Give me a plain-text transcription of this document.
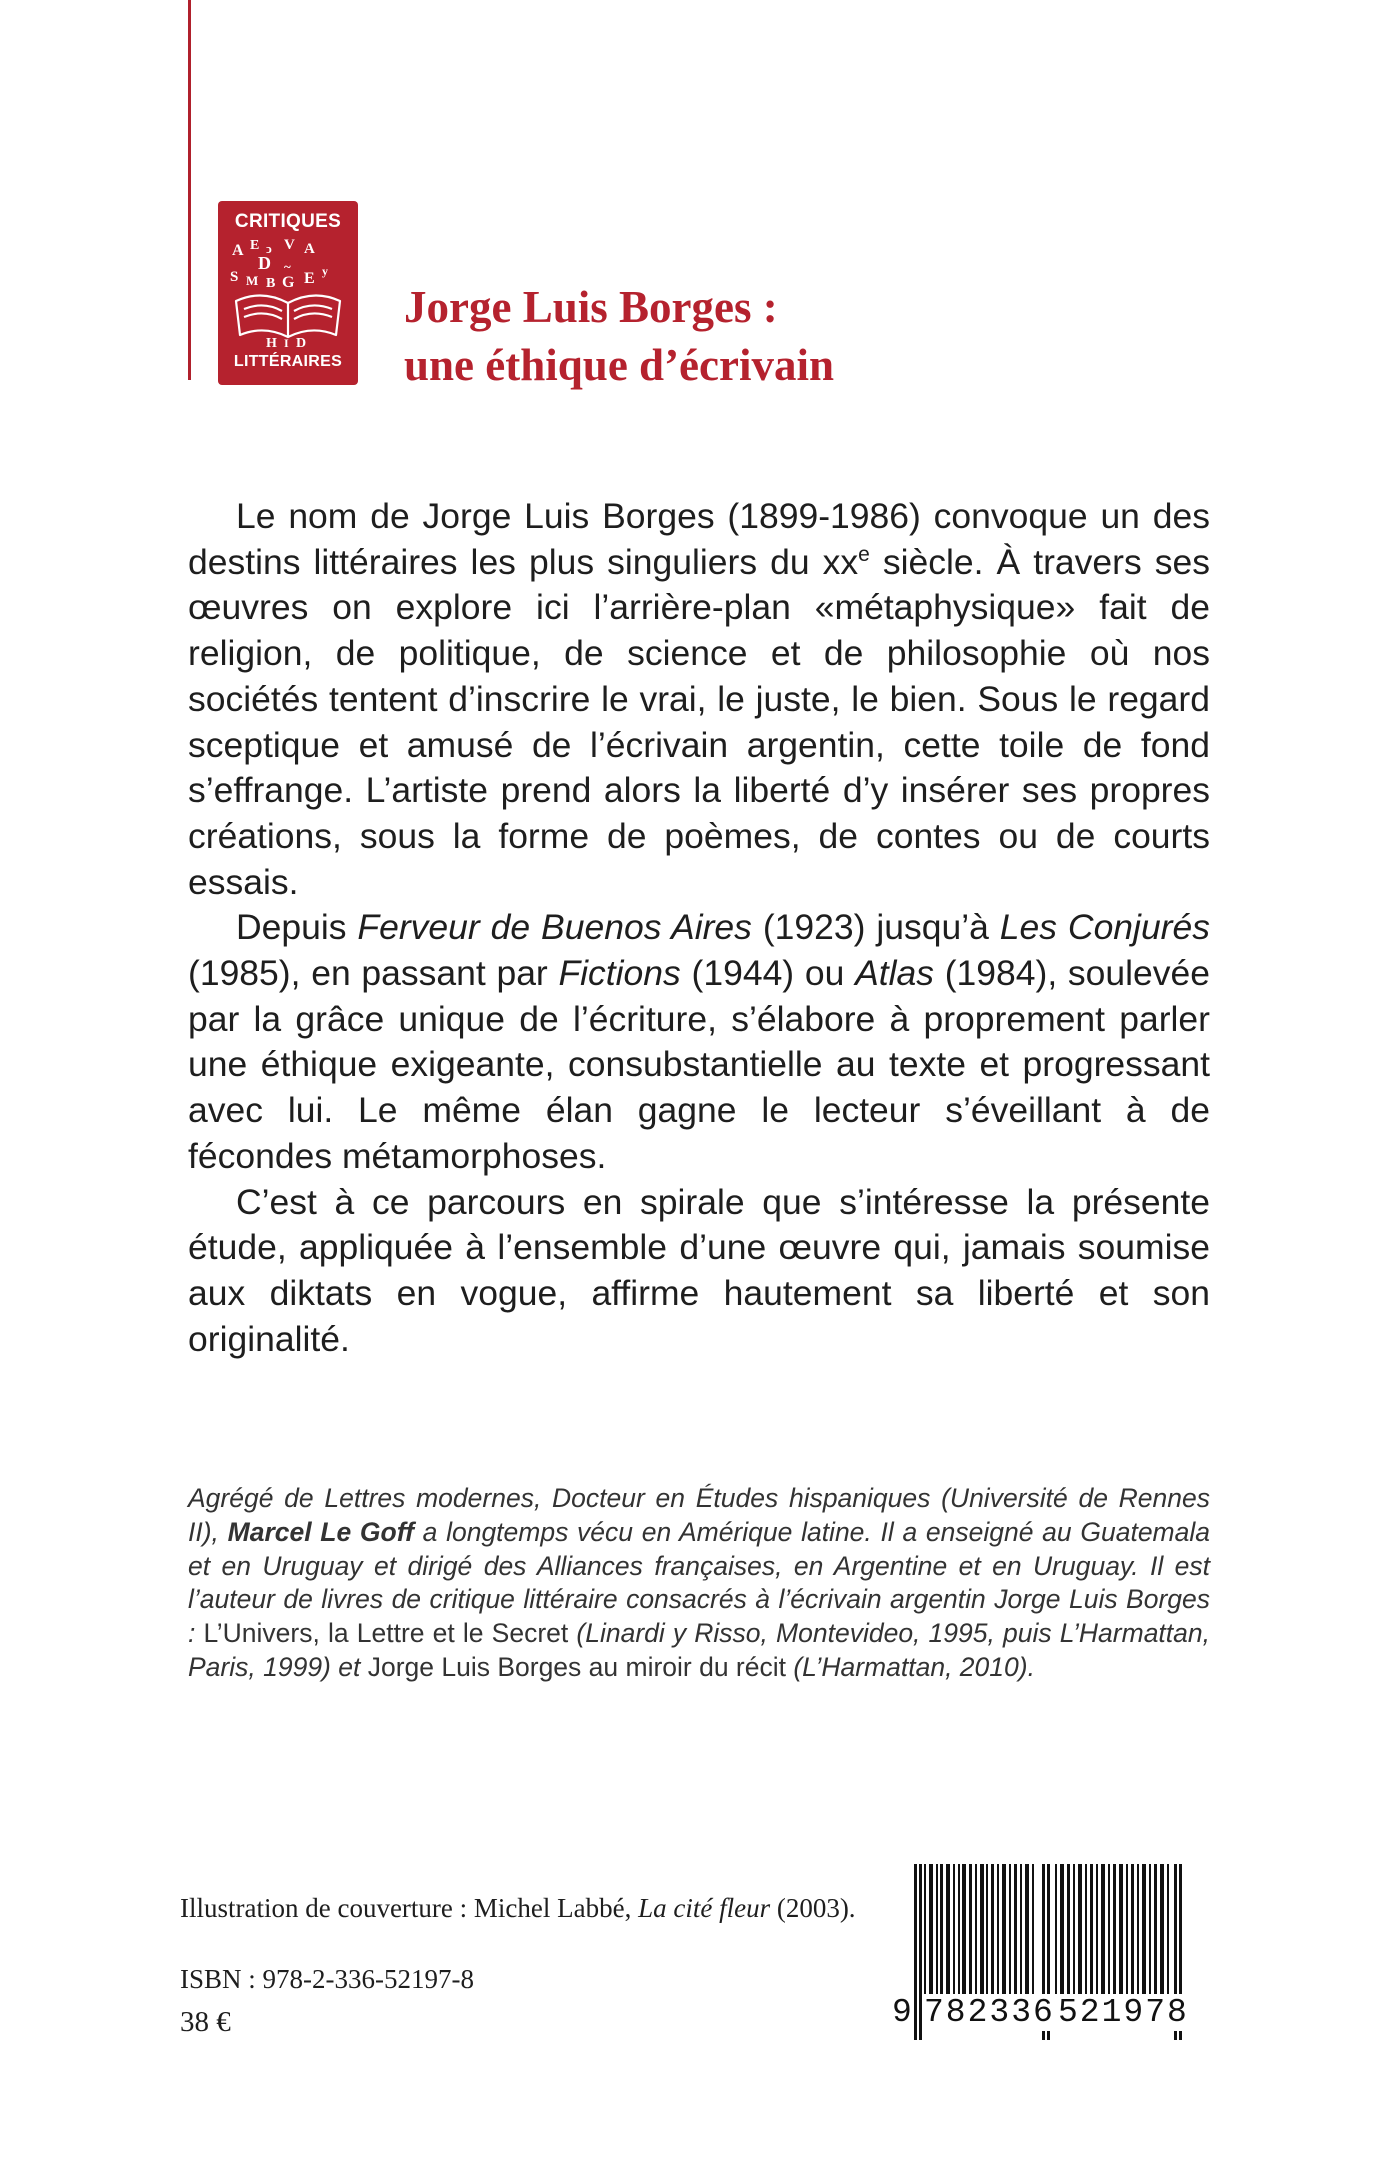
CRITIQUES
A E ↄ V A
D ~
S M B G E y
H I D
LITTÉRAIRES
Jorge Luis Borges :
une éthique d’écrivain

Le nom de Jorge Luis Borges (1899-1986) convoque un des destins littéraires les plus singuliers du $xx^e$ siècle. À travers ses œuvres on explore ici l’arrière-plan «métaphysique» fait de religion, de politique, de science et de philosophie où nos sociétés tentent d’inscrire le vrai, le juste, le bien. Sous le regard sceptique et amusé de l’écrivain argentin, cette toile de fond s’effrange. L’artiste prend alors la liberté d’y insérer ses propres créations, sous la forme de poèmes, de contes ou de courts essais.

Depuis Ferveur de Buenos Aires (1923) jusqu’à Les Conjurés (1985), en passant par Fictions (1944) ou Atlas (1984), soulevée par la grâce unique de l’écriture, s’élabore à proprement parler une éthique exigeante, consubstantielle au texte et progressant avec lui. Le même élan gagne le lecteur s’éveillant à de fécondes métamorphoses.

C’est à ce parcours en spirale que s’intéresse la présente étude, appliquée à l’ensemble d’une œuvre qui, jamais soumise aux diktats en vogue, affirme hautement sa liberté et son originalité.

Agrégé de Lettres modernes, Docteur en Études hispaniques (Université de Rennes II), Marcel Le Goff a longtemps vécu en Amérique latine. Il a enseigné au Guatemala et en Uruguay et dirigé des Alliances françaises, en Argentine et en Uruguay. Il est l’auteur de livres de critique littéraire consacrés à l’écrivain argentin Jorge Luis Borges : L’Univers, la Lettre et le Secret (Linardi y Risso, Montevideo, 1995, puis L’Harmattan, Paris, 1999) et Jorge Luis Borges au miroir du récit (L’Harmattan, 2010).

Illustration de couverture : Michel Labbé, La cité fleur (2003).
ISBN : 978-2-336-52197-8
38 €	9 782336 521978
